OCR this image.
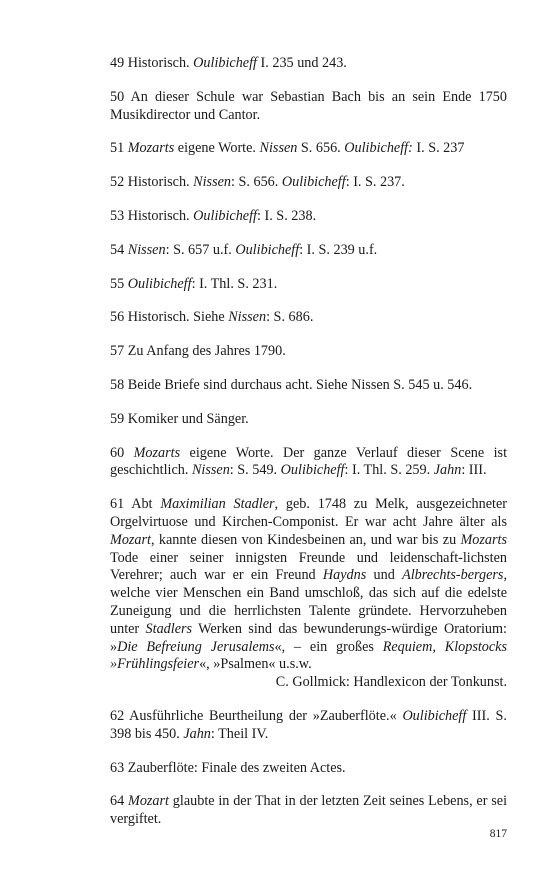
49 Historisch. Oulibicheff I. 235 und 243.

50 An dieser Schule war Sebastian Bach bis an sein Ende 1750 Musikdirector und Cantor.

51 Mozarts eigene Worte. Nissen S. 656. Oulibicheff: I. S. 237

52 Historisch. Nissen: S. 656. Oulibicheff: I. S. 237.

53 Historisch. Oulibicheff: I. S. 238.

54 Nissen: S. 657 u.f. Oulibicheff: I. S. 239 u.f.

55 Oulibicheff: I. Thl. S. 231.

56 Historisch. Siehe Nissen: S. 686.

57 Zu Anfang des Jahres 1790.

58 Beide Briefe sind durchaus acht. Siehe Nissen S. 545 u. 546.

59 Komiker und Sänger.

60 Mozarts eigene Worte. Der ganze Verlauf dieser Scene ist geschichtlich. Nissen: S. 549. Oulibicheff: I. Thl. S. 259. Jahn: III.

61 Abt Maximilian Stadler, geb. 1748 zu Melk, ausgezeichneter Orgelvirtuose und Kirchen-Componist. Er war acht Jahre älter als Mozart, kannte diesen von Kindesbeinen an, und war bis zu Mozarts Tode einer seiner innigsten Freunde und leidenschaft-lichsten Verehrer; auch war er ein Freund Haydns und Albrechts-bergers, welche vier Menschen ein Band umschloß, das sich auf die edelste Zuneigung und die herrlichsten Talente gründete. Hervorzuheben unter Stadlers Werken sind das bewunderungs-würdige Oratorium: »Die Befreiung Jerusalems«, – ein großes Requiem, Klopstocks »Frühlingsfeier«, »Psalmen« u.s.w.
C. Gollmick: Handlexicon der Tonkunst.

62 Ausführliche Beurtheilung der »Zauberflöte.« Oulibicheff III. S. 398 bis 450. Jahn: Theil IV.

63 Zauberflöte: Finale des zweiten Actes.

64 Mozart glaubte in der That in der letzten Zeit seines Lebens, er sei vergiftet.

817
